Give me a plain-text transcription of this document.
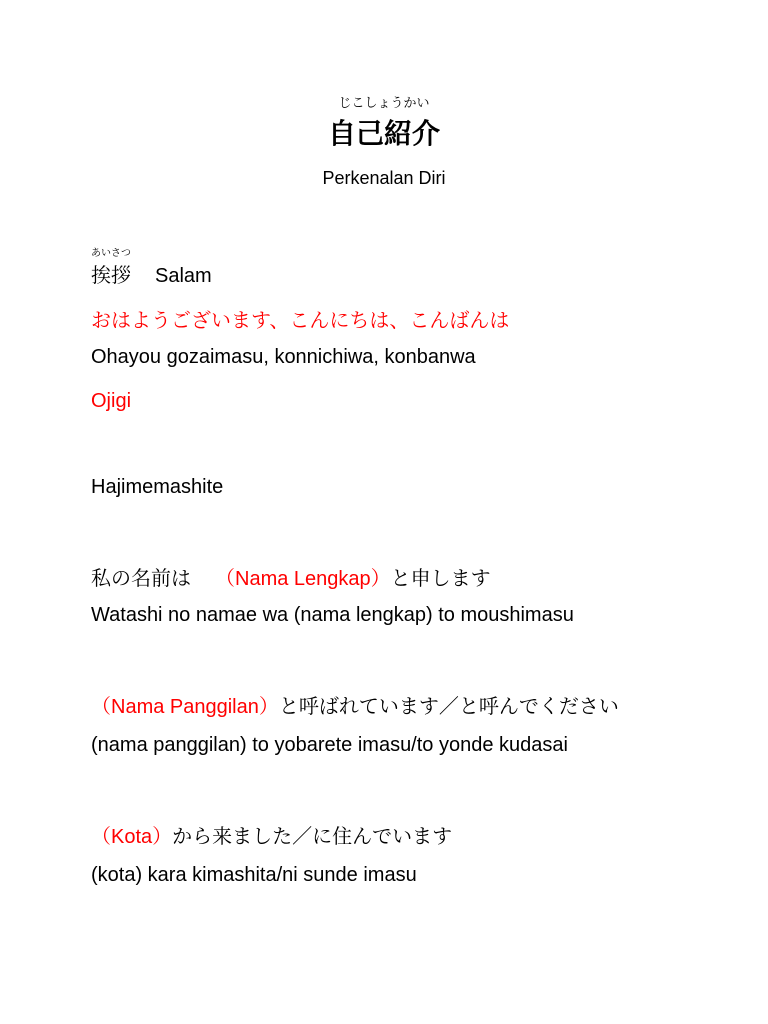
じこしょうかい
自己紹介
Perkenalan Diri
あいさつ
挨拶 Salam
おはようございます、こんにちは、こんばんは
Ohayou gozaimasu, konnichiwa, konbanwa
Ojigi
Hajimemashite
私の名前は （Nama Lengkap）と申します
Watashi no namae wa (nama lengkap) to moushimasu
（Nama Panggilan）と呼ばれています／と呼んでください
(nama panggilan) to yobarete imasu/to yonde kudasai
（Kota）から来ました／に住んでいます
(kota) kara kimashita/ni sunde imasu
